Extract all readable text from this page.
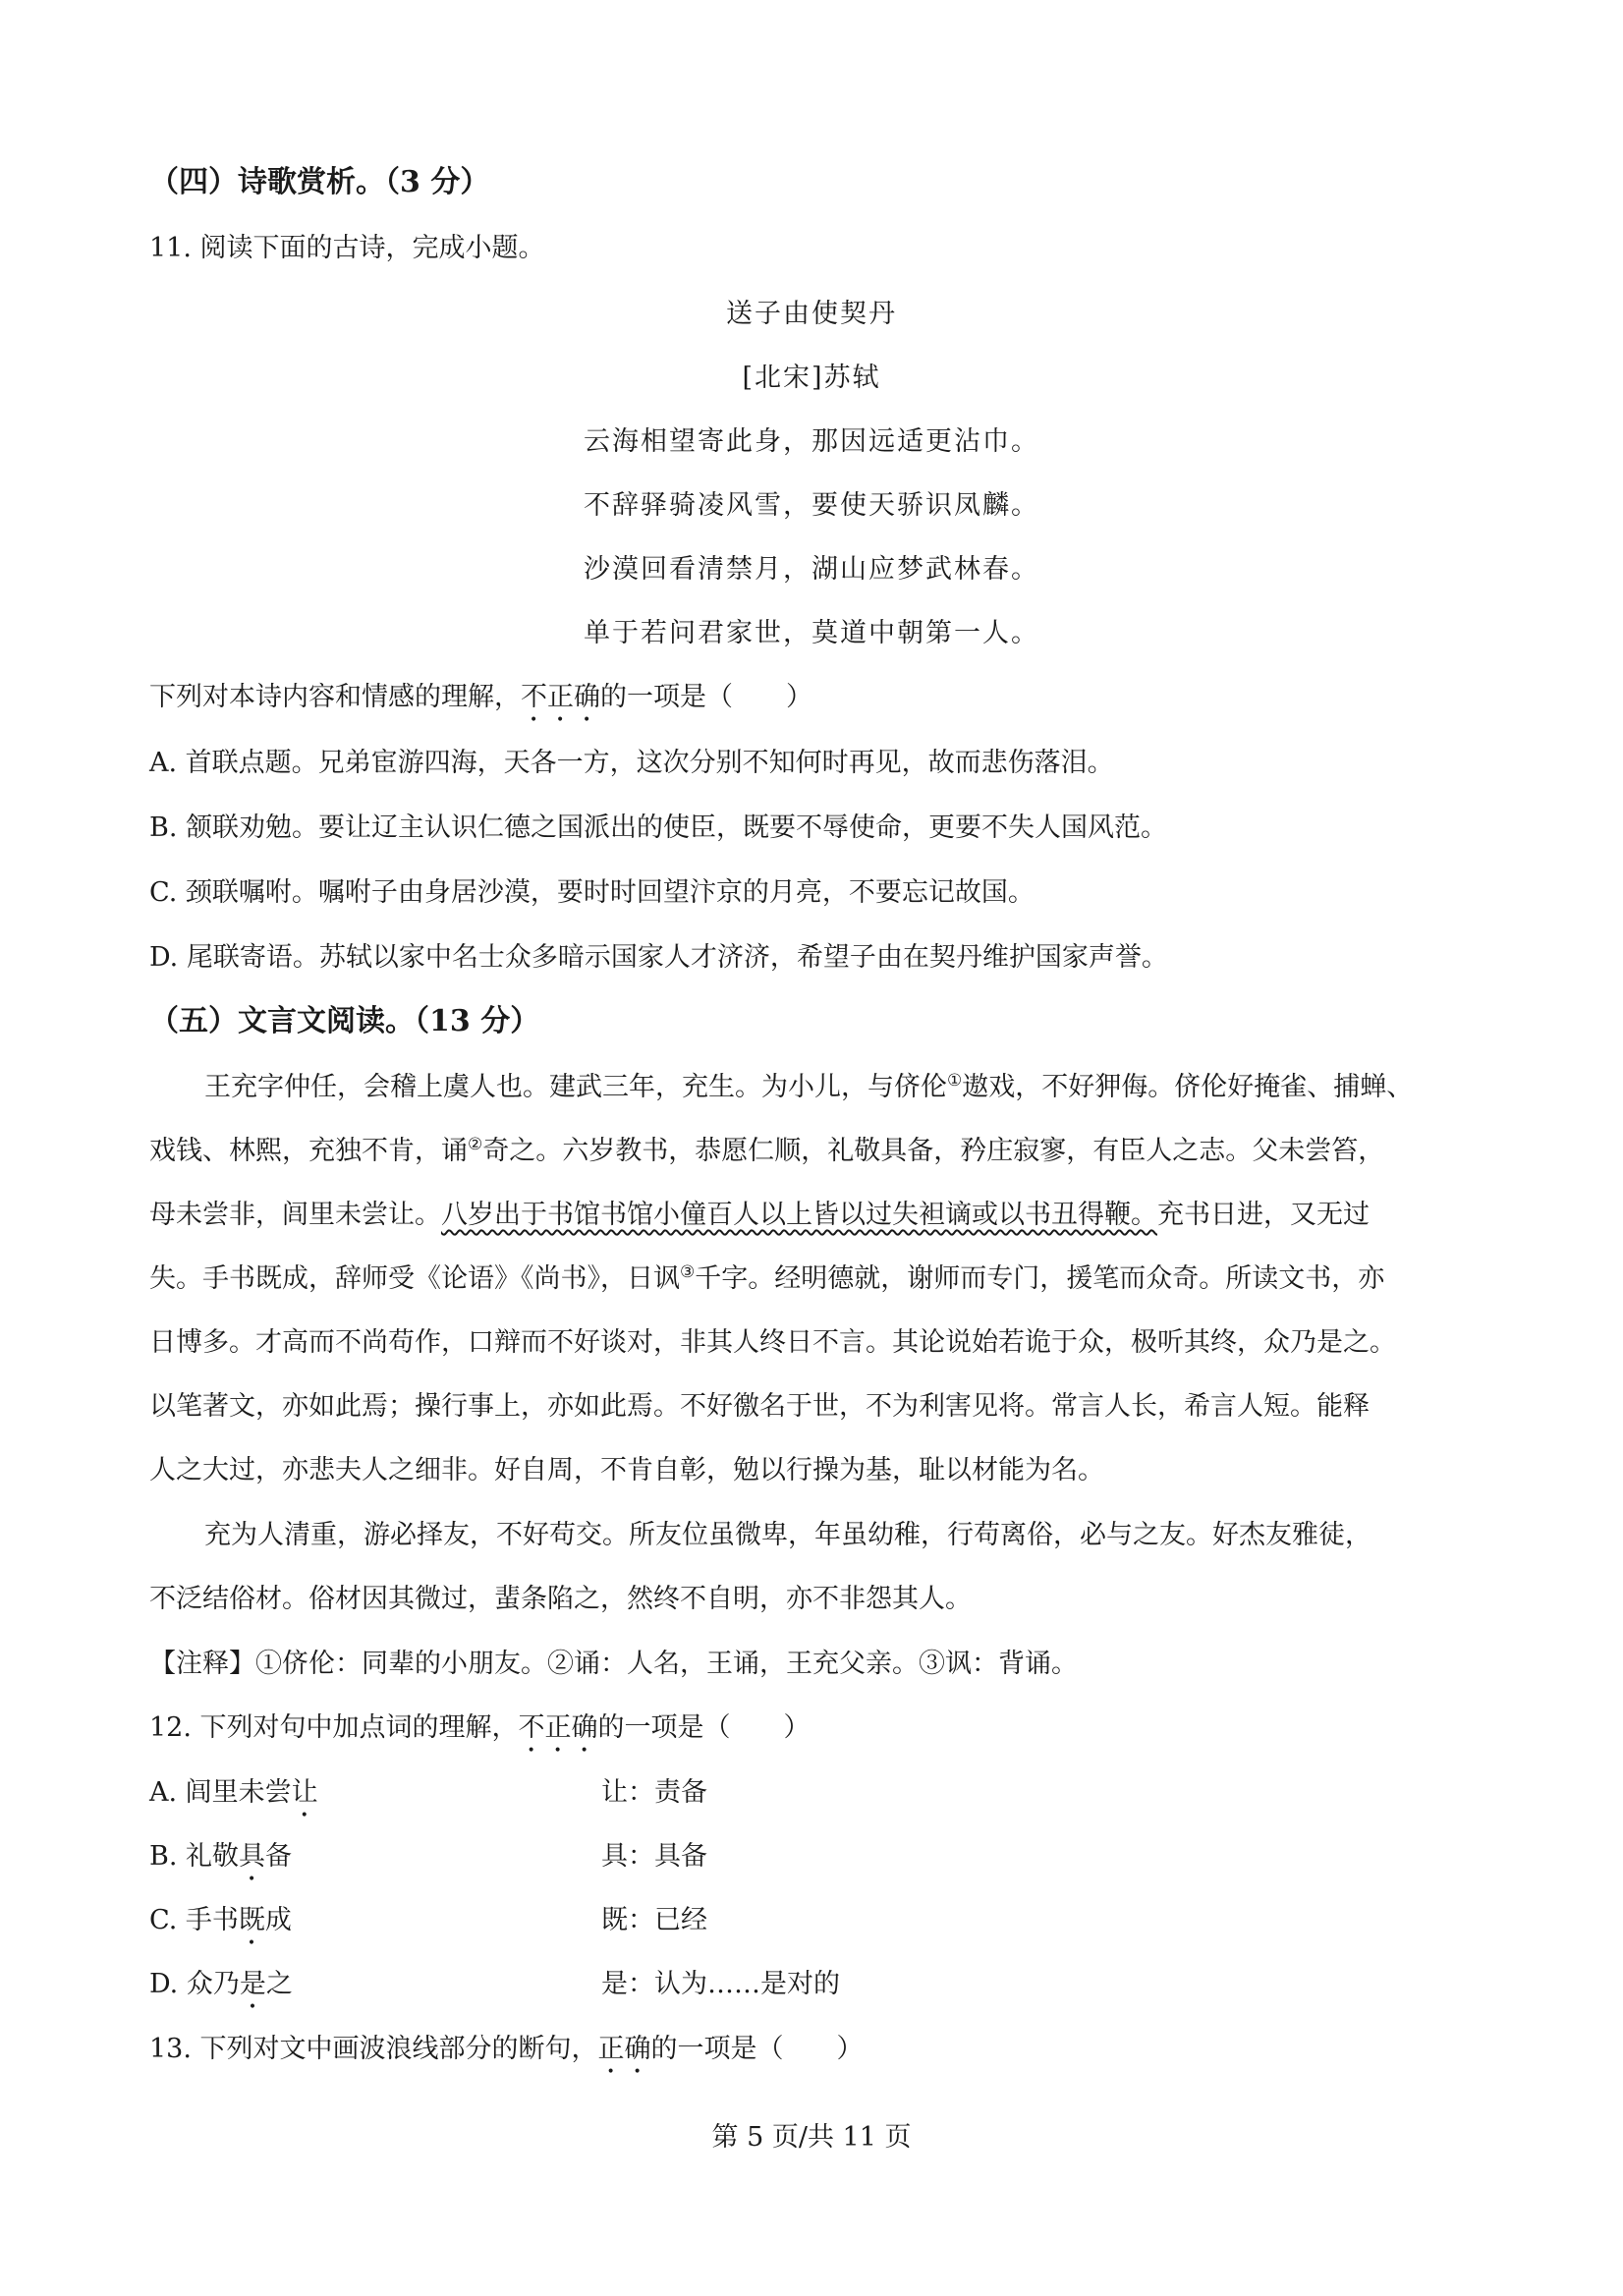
（四）诗歌赏析。（3 分）
11. 阅读下面的古诗，完成小题。
送子由使契丹
[北宋]苏轼
云海相望寄此身，那因远适更沾巾。
不辞驿骑凌风雪，要使天骄识凤麟。
沙漠回看清禁月，湖山应梦武林春。
单于若问君家世，莫道中朝第一人。
下列对本诗内容和情感的理解，不正确的一项是（　　）
A. 首联点题。兄弟宦游四海，天各一方，这次分别不知何时再见，故而悲伤落泪。
B. 颔联劝勉。要让辽主认识仁德之国派出的使臣，既要不辱使命，更要不失人国风范。
C. 颈联嘱咐。嘱咐子由身居沙漠，要时时回望汴京的月亮，不要忘记故国。
D. 尾联寄语。苏轼以家中名士众多暗示国家人才济济，希望子由在契丹维护国家声誉。
（五）文言文阅读。（13 分）
王充字仲任，会稽上虞人也。建武三年，充生。为小儿，与侪伦①遨戏，不好狎侮。侪伦好掩雀、捕蝉、
戏钱、林熙，充独不肯，诵②奇之。六岁教书，恭愿仁顺，礼敬具备，矜庄寂寥，有臣人之志。父未尝笞，
母未尝非，闾里未尝让。八岁出于书馆书馆小僮百人以上皆以过失袒谪或以书丑得鞭。充书日进，又无过
失。手书既成，辞师受《论语》《尚书》，日讽③千字。经明德就，谢师而专门，援笔而众奇。所读文书，亦
日博多。才高而不尚苟作，口辩而不好谈对，非其人终日不言。其论说始若诡于众，极听其终，众乃是之。
以笔著文，亦如此焉；操行事上，亦如此焉。不好徼名于世，不为利害见将。常言人长，希言人短。能释
人之大过，亦悲夫人之细非。好自周，不肯自彰，勉以行操为基，耻以材能为名。
充为人清重，游必择友，不好苟交。所友位虽微卑，年虽幼稚，行苟离俗，必与之友。好杰友雅徒，
不泛结俗材。俗材因其微过，蜚条陷之，然终不自明，亦不非怨其人。
【注释】①侪伦：同辈的小朋友。②诵：人名，王诵，王充父亲。③讽：背诵。
12. 下列对句中加点词的理解，不正确的一项是（　　）
A. 闾里未尝让	让：责备
B. 礼敬具备	具：具备
C. 手书既成	既：已经
D. 众乃是之	是：认为……是对的
13. 下列对文中画波浪线部分的断句，正确的一项是（　　）
第 5 页/共 11 页
